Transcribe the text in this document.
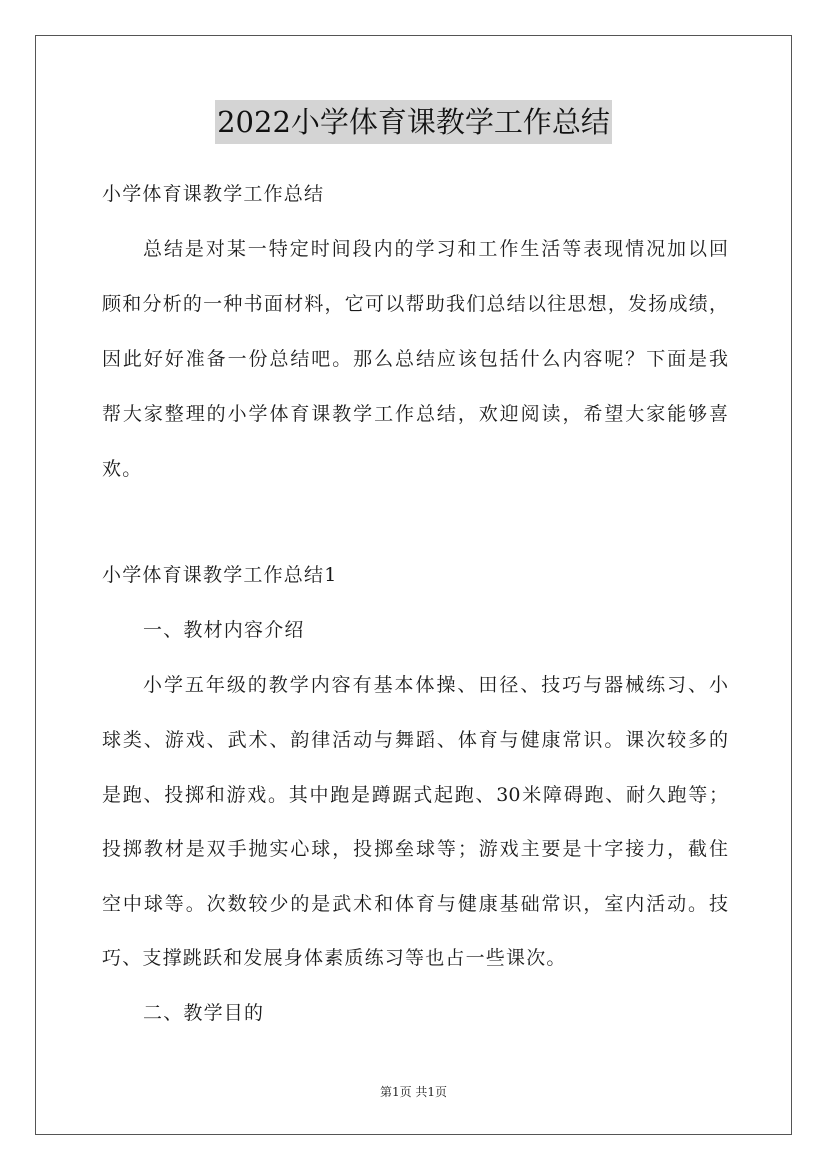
2022小学体育课教学工作总结
小学体育课教学工作总结
总结是对某一特定时间段内的学习和工作生活等表现情况加以回
顾和分析的一种书面材料，它可以帮助我们总结以往思想，发扬成绩，
因此好好准备一份总结吧。那么总结应该包括什么内容呢？下面是我
帮大家整理的小学体育课教学工作总结，欢迎阅读，希望大家能够喜
欢。
小学体育课教学工作总结1
一、教材内容介绍
小学五年级的教学内容有基本体操、田径、技巧与器械练习、小
球类、游戏、武术、韵律活动与舞蹈、体育与健康常识。课次较多的
是跑、投掷和游戏。其中跑是蹲踞式起跑、30米障碍跑、耐久跑等；
投掷教材是双手抛实心球，投掷垒球等；游戏主要是十字接力，截住
空中球等。次数较少的是武术和体育与健康基础常识，室内活动。技
巧、支撑跳跃和发展身体素质练习等也占一些课次。
二、教学目的
第1页 共1页
